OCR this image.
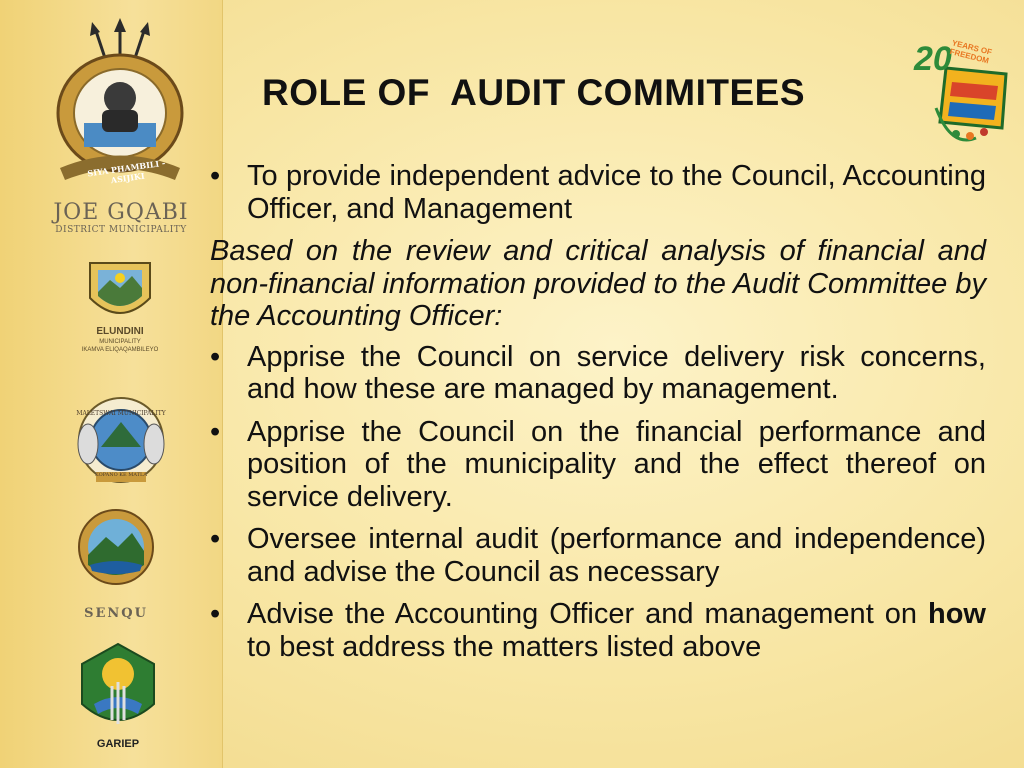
SIYA PHAMBILI - ASIJIKI
JOE GQABI
DISTRICT MUNICIPALITY
ELUNDINI
MUNICIPALITY
IKAMVA ELIQAQAMBILEYO
MALETSWAI MUNICIPALITY
KOPANO KE MATLA
SENQU
GARIEP
20 YEARS OF FREEDOM
ROLE OF  AUDIT COMMITEES
• To provide independent advice to the Council, Accounting Officer, and Management
Based on the review and critical analysis of financial and non-financial information provided to the Audit Committee by the Accounting Officer:
• Apprise the Council on service delivery risk concerns, and how these are managed by management.
• Apprise the Council on the financial performance and position of the municipality and the effect thereof on service delivery.
• Oversee internal audit (performance and independence) and advise the Council as necessary
• Advise the Accounting Officer and management on how to best address the matters listed above
